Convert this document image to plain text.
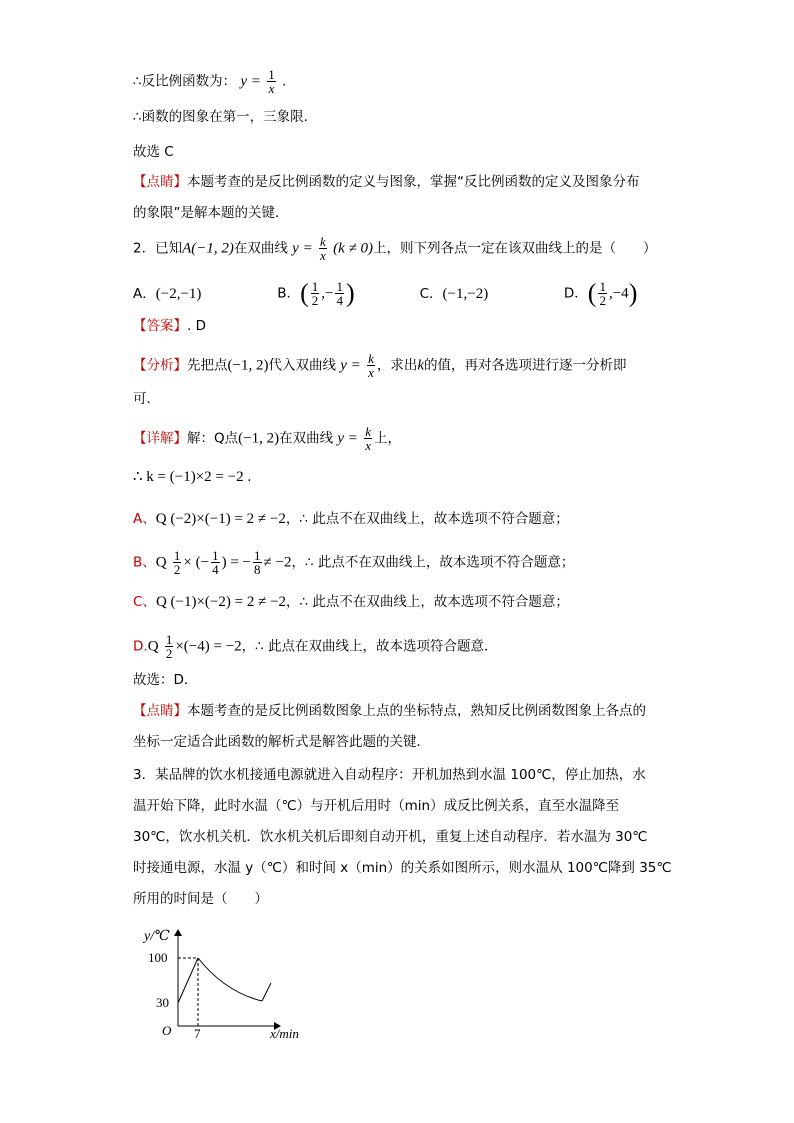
∴反比例函数为： $y = \frac{1}{x}$ .
∴函数的图象在第一，三象限．
故选 C
【点睛】本题考查的是反比例函数的定义与图象，掌握“反比例函数的定义及图象分布
的象限”是解本题的关键．
2．已知A(−1, 2)在双曲线 $y = \frac{k}{x} (k \ne 0)$上，则下列各点一定在该双曲线上的是（　　）
A．(−2,−1)	B．( $\frac{1}{2}$ ,− $\frac{1}{4}$ )	C．(−1,−2)	D．( $\frac{1}{2} ,-4$)
【答案】. D
【分析】先把点(−1, 2)代入双曲线 $y = \frac{k}{x}$ ，求出k的值，再对各选项进行逐一分析即
可．
【详解】解：Q点(−1, 2)在双曲线 $y = \frac{k}{x}$ 上，
∴ k = (−1)×2 = −2 .
A、Q (−2)×(−1) = 2 ≠ −2，∴ 此点不在双曲线上，故本选项不符合题意；
B、Q $\frac{1}{2}$ × (− $\frac{1}{4}$ ) = − $\frac{1}{8} \ne -2$，∴ 此点不在双曲线上，故本选项不符合题意；
C、Q (−1)×(−2) = 2 ≠ −2，∴ 此点不在双曲线上，故本选项不符合题意；
$D.Q \frac{1}{2} \times(-4) = -2$，∴ 此点在双曲线上，故本选项符合题意．
故选：D．
【点睛】本题考查的是反比例函数图象上点的坐标特点，熟知反比例函数图象上各点的
坐标一定适合此函数的解析式是解答此题的关键．
3．某品牌的饮水机接通电源就进入自动程序：开机加热到水温 100℃，停止加热，水
温开始下降，此时水温（℃）与开机后用时（min）成反比例关系，直至水温降至
30℃，饮水机关机．饮水机关机后即刻自动开机，重复上述自动程序．若水温为 30℃
时接通电源，水温 y（℃）和时间 x（min）的关系如图所示，则水温从 100℃降到 35℃
所用的时间是（　　）
y/℃
x/min
100
30
O 7
